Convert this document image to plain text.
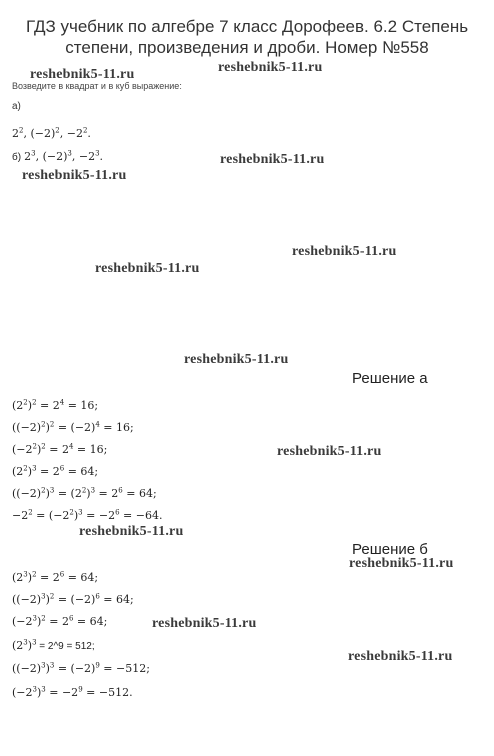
ГДЗ учебник по алгебре 7 класс Дорофеев. 6.2 Степень
степени, произведения и дроби. Номер №558
reshebnik5-11.ru	reshebnik5-11.ru
reshebnik5-11.ru
reshebnik5-11.ru
reshebnik5-11.ru
reshebnik5-11.ru
reshebnik5-11.ru
reshebnik5-11.ru
reshebnik5-11.ru
reshebnik5-11.ru
reshebnik5-11.ru
reshebnik5-11.ru
Возведите в квадрат и в куб выражение:
а)
$2^2$, $(-2)^2$, $-2^2$.
б) $2^3$, $(-2)^3$, $-2^3$.
Решение а
$(2^2)^2 = 2^4 = 16$;
$((-2)^2)^2 = (-2)^4 = 16$;
$(-2^2)^2 = 2^4 = 16$;
$(2^2)^3 = 2^6 = 64$;
$((-2)^2)^3 = (2^2)^3 = 2^6 = 64$;
$-2^2 = (-2^2)^3 = -2^6 = -64$.
Решение б
$(2^3)^2 = 2^6 = 64$;
$((-2)^3)^2 = (-2)^6 = 64$;
$(-2^3)^2 = 2^6 = 64$;
$(2^3)^3$ = 2^9 = 512;
$((-2)^3)^3 = (-2)^9 = -512$;
$(-2^3)^3 = -2^9 = -512$.
